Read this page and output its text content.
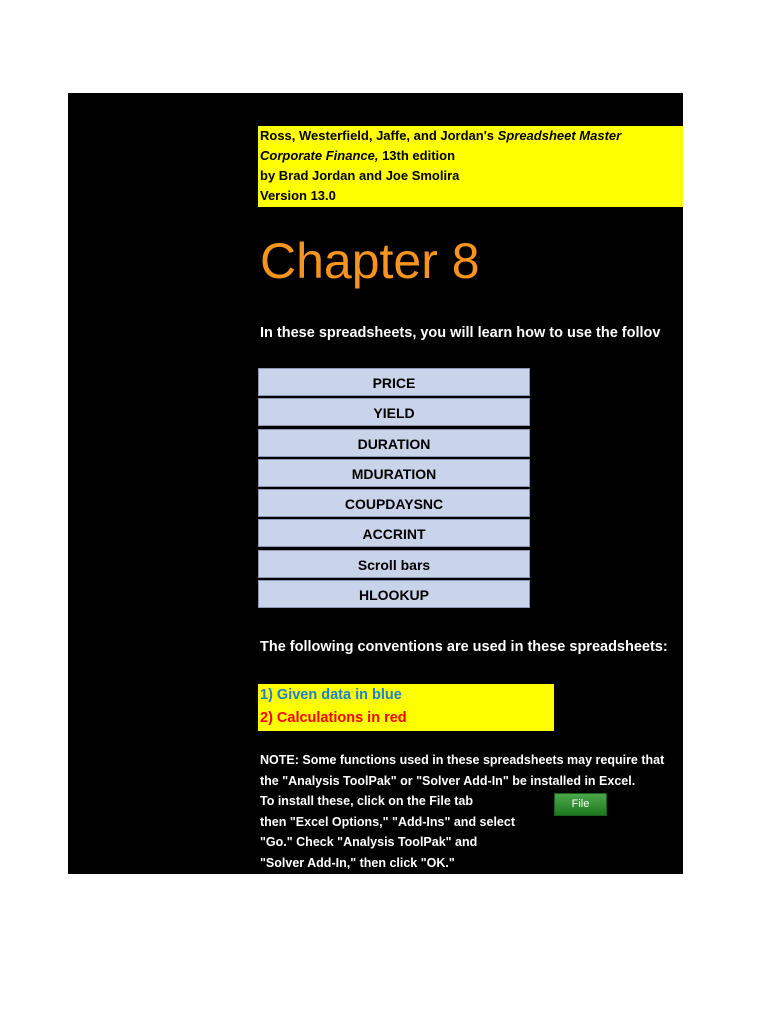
Ross, Westerfield, Jaffe, and Jordan's Spreadsheet Master
Corporate Finance, 13th edition
by Brad Jordan and Joe Smolira
Version 13.0
Chapter 8
In these spreadsheets, you will learn how to use the follov
PRICE
YIELD
DURATION
MDURATION
COUPDAYSNC
ACCRINT
Scroll bars
HLOOKUP
The following conventions are used in these spreadsheets:
1) Given data in blue
2) Calculations in red
NOTE: Some functions used in these spreadsheets may require that
the "Analysis ToolPak" or "Solver Add-In" be installed in Excel.
To install these, click on the File tab
then "Excel Options," "Add-Ins" and select
"Go." Check "Analysis ToolPak" and
"Solver Add-In," then click "OK."
File
